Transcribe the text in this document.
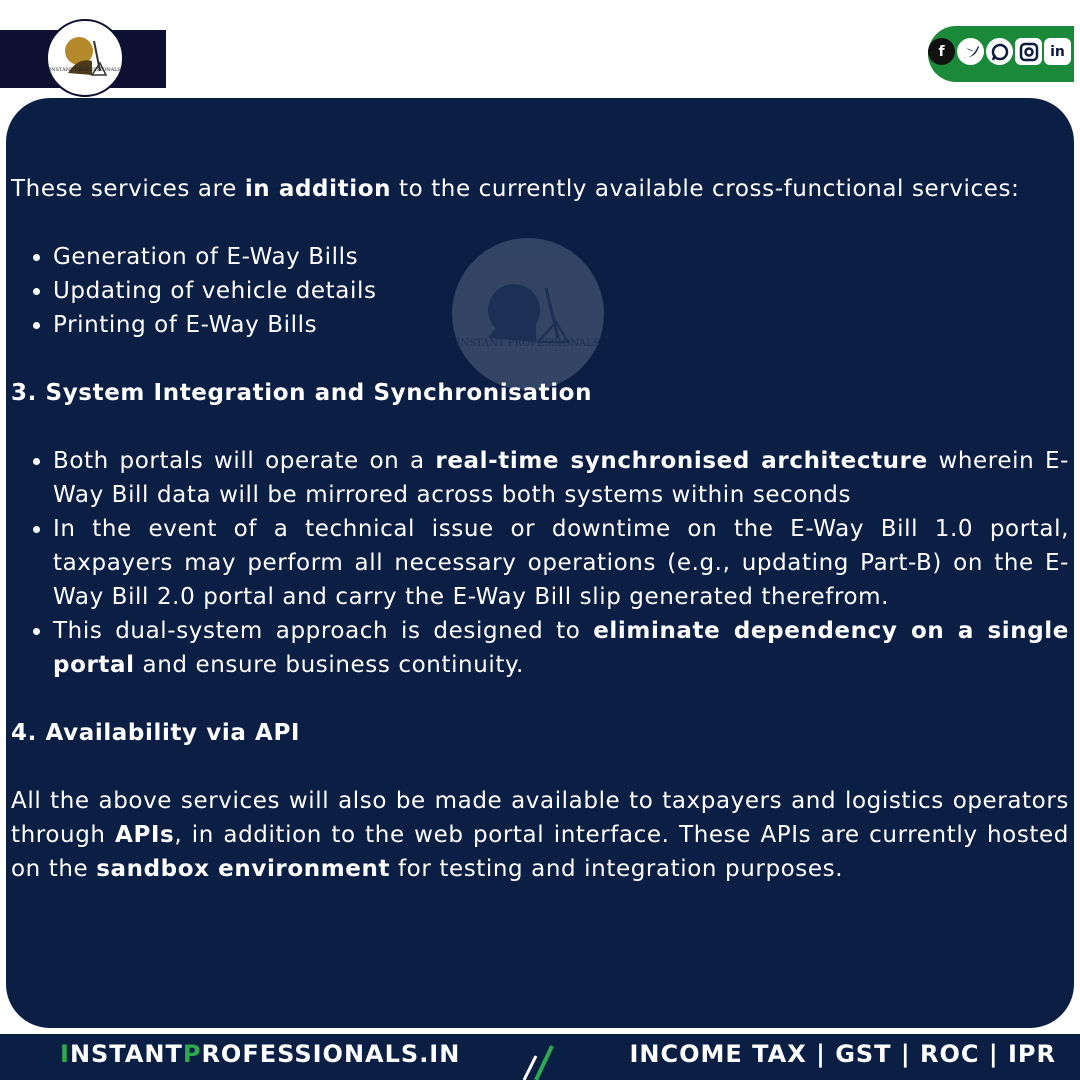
INSTANT PROFESSIONALS
f	in
INSTANT PROFESSIONALS

These services are in addition to the currently available cross-functional services:

• Generation of E-Way Bills
• Updating of vehicle details
• Printing of E-Way Bills

3. System Integration and Synchronisation

• Both portals will operate on a real-time synchronised architecture wherein E-Way Bill data will be mirrored across both systems within seconds
• In the event of a technical issue or downtime on the E-Way Bill 1.0 portal, taxpayers may perform all necessary operations (e.g., updating Part-B) on the E-Way Bill 2.0 portal and carry the E-Way Bill slip generated therefrom.
• This dual-system approach is designed to eliminate dependency on a single portal and ensure business continuity.

4. Availability via API

All the above services will also be made available to taxpayers and logistics operators through APIs, in addition to the web portal interface. These APIs are currently hosted on the sandbox environment for testing and integration purposes.

INSTANTPROFESSIONALS.IN	INCOME TAX | GST | ROC | IPR
